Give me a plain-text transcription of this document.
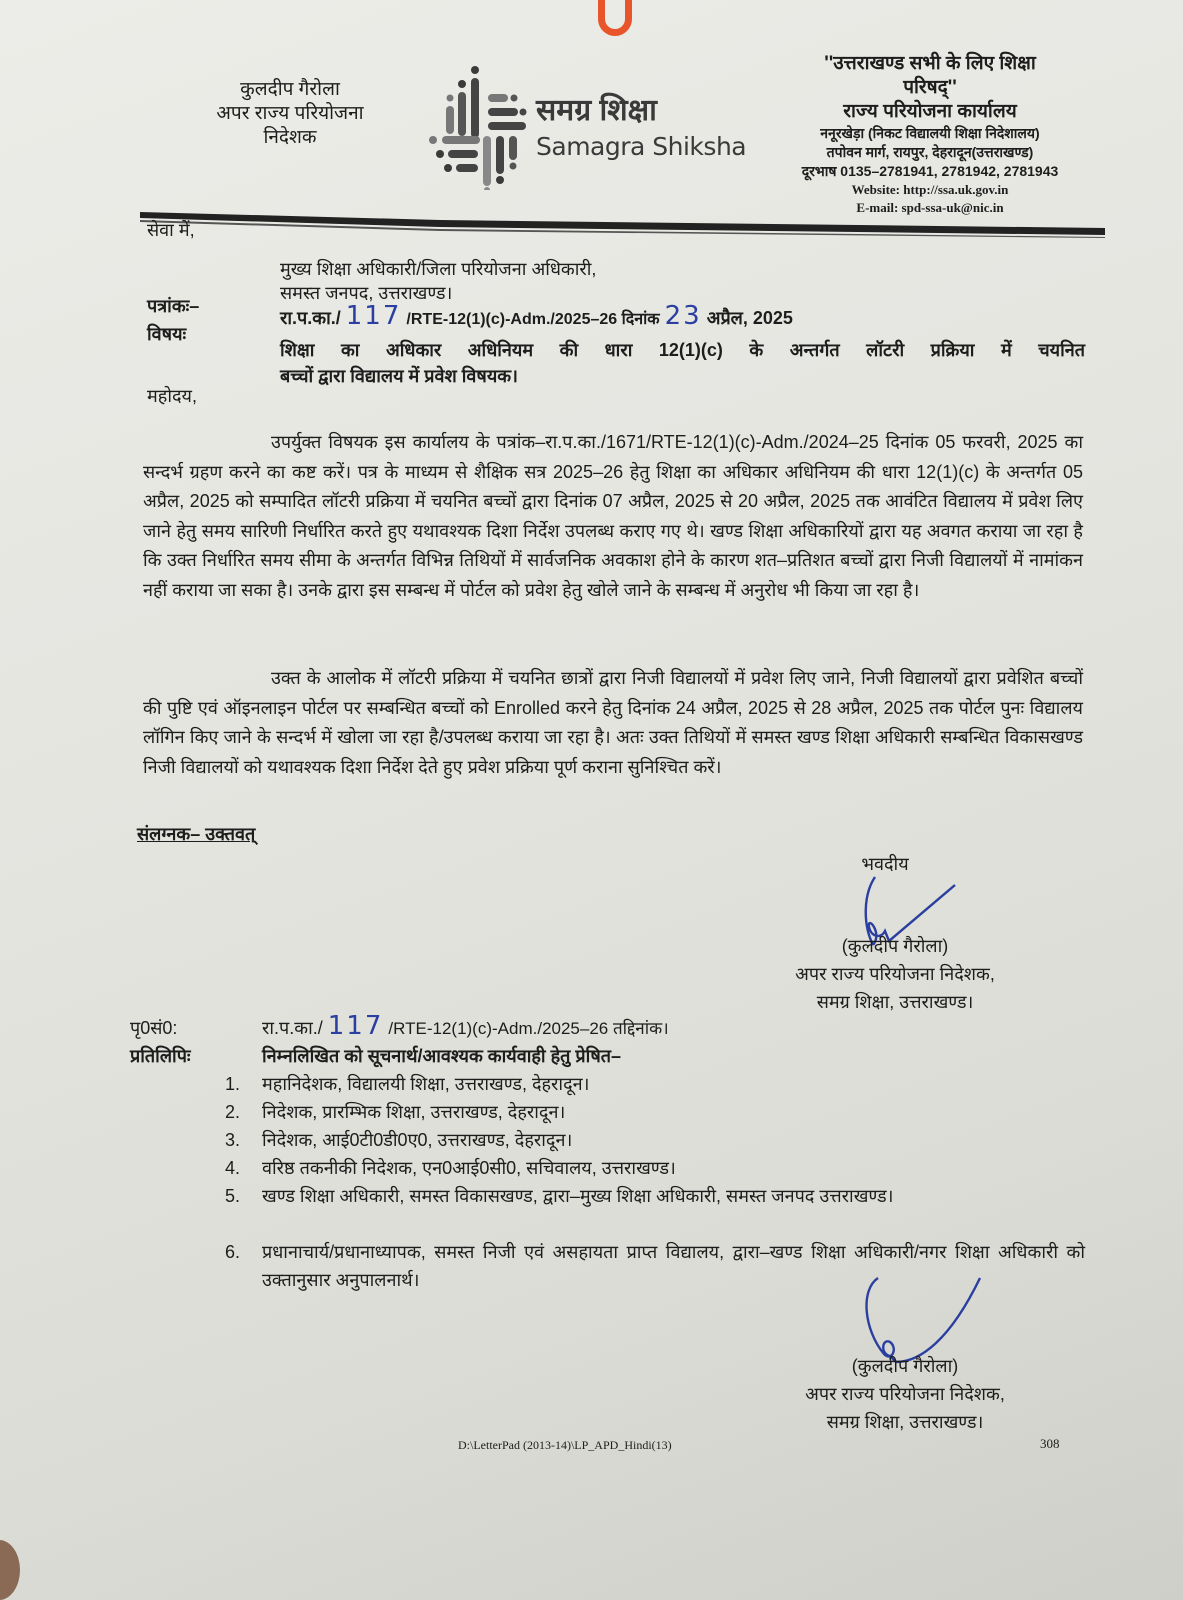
कुलदीप गैरोला
अपर राज्य परियोजना
निदेशक
समग्र शिक्षा
Samagra Shiksha
''उत्तराखण्ड सभी के लिए शिक्षा
परिषद्''
राज्य परियोजना कार्यालय
ननूरखेड़ा (निकट विद्यालयी शिक्षा निदेशालय)
तपोवन मार्ग, रायपुर, देहरादून(उत्तराखण्ड)
दूरभाष 0135–2781941, 2781942, 2781943
Website: http://ssa.uk.gov.in
E-mail: spd-ssa-uk@nic.in
सेवा में,
मुख्य शिक्षा अधिकारी/जिला परियोजना अधिकारी,
समस्त जनपद, उत्तराखण्ड।
पत्रांकः–
रा.प.का./ 117 /RTE-12(1)(c)-Adm./2025–26 दिनांक 23 अप्रैल, 2025
विषयः
शिक्षा का अधिकार अधिनियम की धारा 12(1)(c) के अन्तर्गत लॉटरी प्रक्रिया में चयनित
बच्चों द्वारा विद्यालय में प्रवेश विषयक।
महोदय,
उपर्युक्त विषयक इस कार्यालय के पत्रांक–रा.प.का./1671/RTE-12(1)(c)-Adm./2024–25 दिनांक 05 फरवरी, 2025 का सन्दर्भ ग्रहण करने का कष्ट करें। पत्र के माध्यम से शैक्षिक सत्र 2025–26 हेतु शिक्षा का अधिकार अधिनियम की धारा 12(1)(c) के अन्तर्गत 05 अप्रैल, 2025 को सम्पादित लॉटरी प्रक्रिया में चयनित बच्चों द्वारा दिनांक 07 अप्रैल, 2025 से 20 अप्रैल, 2025 तक आवंटित विद्यालय में प्रवेश लिए जाने हेतु समय सारिणी निर्धारित करते हुए यथावश्यक दिशा निर्देश उपलब्ध कराए गए थे। खण्ड शिक्षा अधिकारियों द्वारा यह अवगत कराया जा रहा है कि उक्त निर्धारित समय सीमा के अन्तर्गत विभिन्न तिथियों में सार्वजनिक अवकाश होने के कारण शत–प्रतिशत बच्चों द्वारा निजी विद्यालयों में नामांकन नहीं कराया जा सका है। उनके द्वारा इस सम्बन्ध में पोर्टल को प्रवेश हेतु खोले जाने के सम्बन्ध में अनुरोध भी किया जा रहा है।
उक्त के आलोक में लॉटरी प्रक्रिया में चयनित छात्रों द्वारा निजी विद्यालयों में प्रवेश लिए जाने, निजी विद्यालयों द्वारा प्रवेशित बच्चों की पुष्टि एवं ऑइनलाइन पोर्टल पर सम्बन्धित बच्चों को Enrolled करने हेतु दिनांक 24 अप्रैल, 2025 से 28 अप्रैल, 2025 तक पोर्टल पुनः विद्यालय लॉगिन किए जाने के सन्दर्भ में खोला जा रहा है/उपलब्ध कराया जा रहा है। अतः उक्त तिथियों में समस्त खण्ड शिक्षा अधिकारी सम्बन्धित विकासखण्ड निजी विद्यालयों को यथावश्यक दिशा निर्देश देते हुए प्रवेश प्रक्रिया पूर्ण कराना सुनिश्चित करें।
संलग्नक– उक्तवत्
भवदीय
(कुलदीप गैरोला)
अपर राज्य परियोजना निदेशक,
समग्र शिक्षा, उत्तराखण्ड।
पृ0सं0:	रा.प.का./ 117 /RTE-12(1)(c)-Adm./2025–26 तद्दिनांक।
प्रतिलिपिः	निम्नलिखित को सूचनार्थ/आवश्यक कार्यवाही हेतु प्रेषित–
1.	महानिदेशक, विद्यालयी शिक्षा, उत्तराखण्ड, देहरादून।
2.	निदेशक, प्रारम्भिक शिक्षा, उत्तराखण्ड, देहरादून।
3.	निदेशक, आई0टी0डी0ए0, उत्तराखण्ड, देहरादून।
4.	वरिष्ठ तकनीकी निदेशक, एन0आई0सी0, सचिवालय, उत्तराखण्ड।
5.	खण्ड शिक्षा अधिकारी, समस्त विकासखण्ड, द्वारा–मुख्य शिक्षा अधिकारी, समस्त जनपद उत्तराखण्ड।
6.	प्रधानाचार्य/प्रधानाध्यापक, समस्त निजी एवं असहायता प्राप्त विद्यालय, द्वारा–खण्ड शिक्षा अधिकारी/नगर शिक्षा अधिकारी को उक्तानुसार अनुपालनार्थ।
(कुलदीप गैरोला)
अपर राज्य परियोजना निदेशक,
समग्र शिक्षा, उत्तराखण्ड।
D:\LetterPad (2013-14)\LP_APD_Hindi(13)	308
